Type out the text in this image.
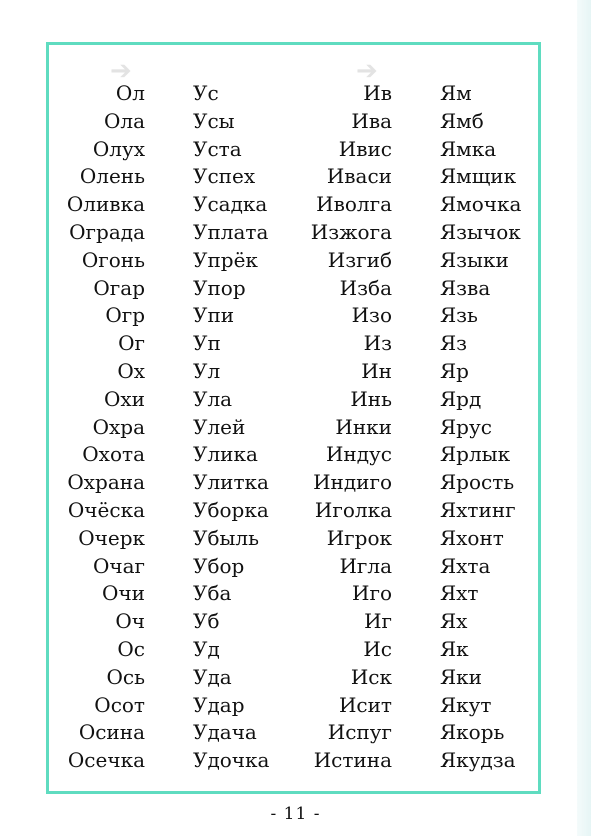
➔	➔
Ол
Ола
Олух
Олень
Оливка
Ограда
Огонь
Огар
Огр
Ог
Ох
Охи
Охра
Охота
Охрана
Очёска
Очерк
Очаг
Очи
Оч
Ос
Ось
Осот
Осина
Осечка
Ус
Усы
Уста
Успех
Усадка
Уплата
Упрёк
Упор
Упи
Уп
Ул
Ула
Улей
Улика
Улитка
Уборка
Убыль
Убор
Уба
Уб
Уд
Уда
Удар
Удача
Удочка
Ив
Ива
Ивис
Иваси
Иволга
Изжога
Изгиб
Изба
Изо
Из
Ин
Инь
Инки
Индус
Индиго
Иголка
Игрок
Игла
Иго
Иг
Ис
Иск
Исит
Испуг
Истина
Ям
Ямб
Ямка
Ямщик
Ямочка
Язычок
Языки
Язва
Язь
Яз
Яр
Ярд
Ярус
Ярлык
Ярость
Яхтинг
Яхонт
Яхта
Яхт
Ях
Як
Яки
Якут
Якорь
Якудза
- 11 -
